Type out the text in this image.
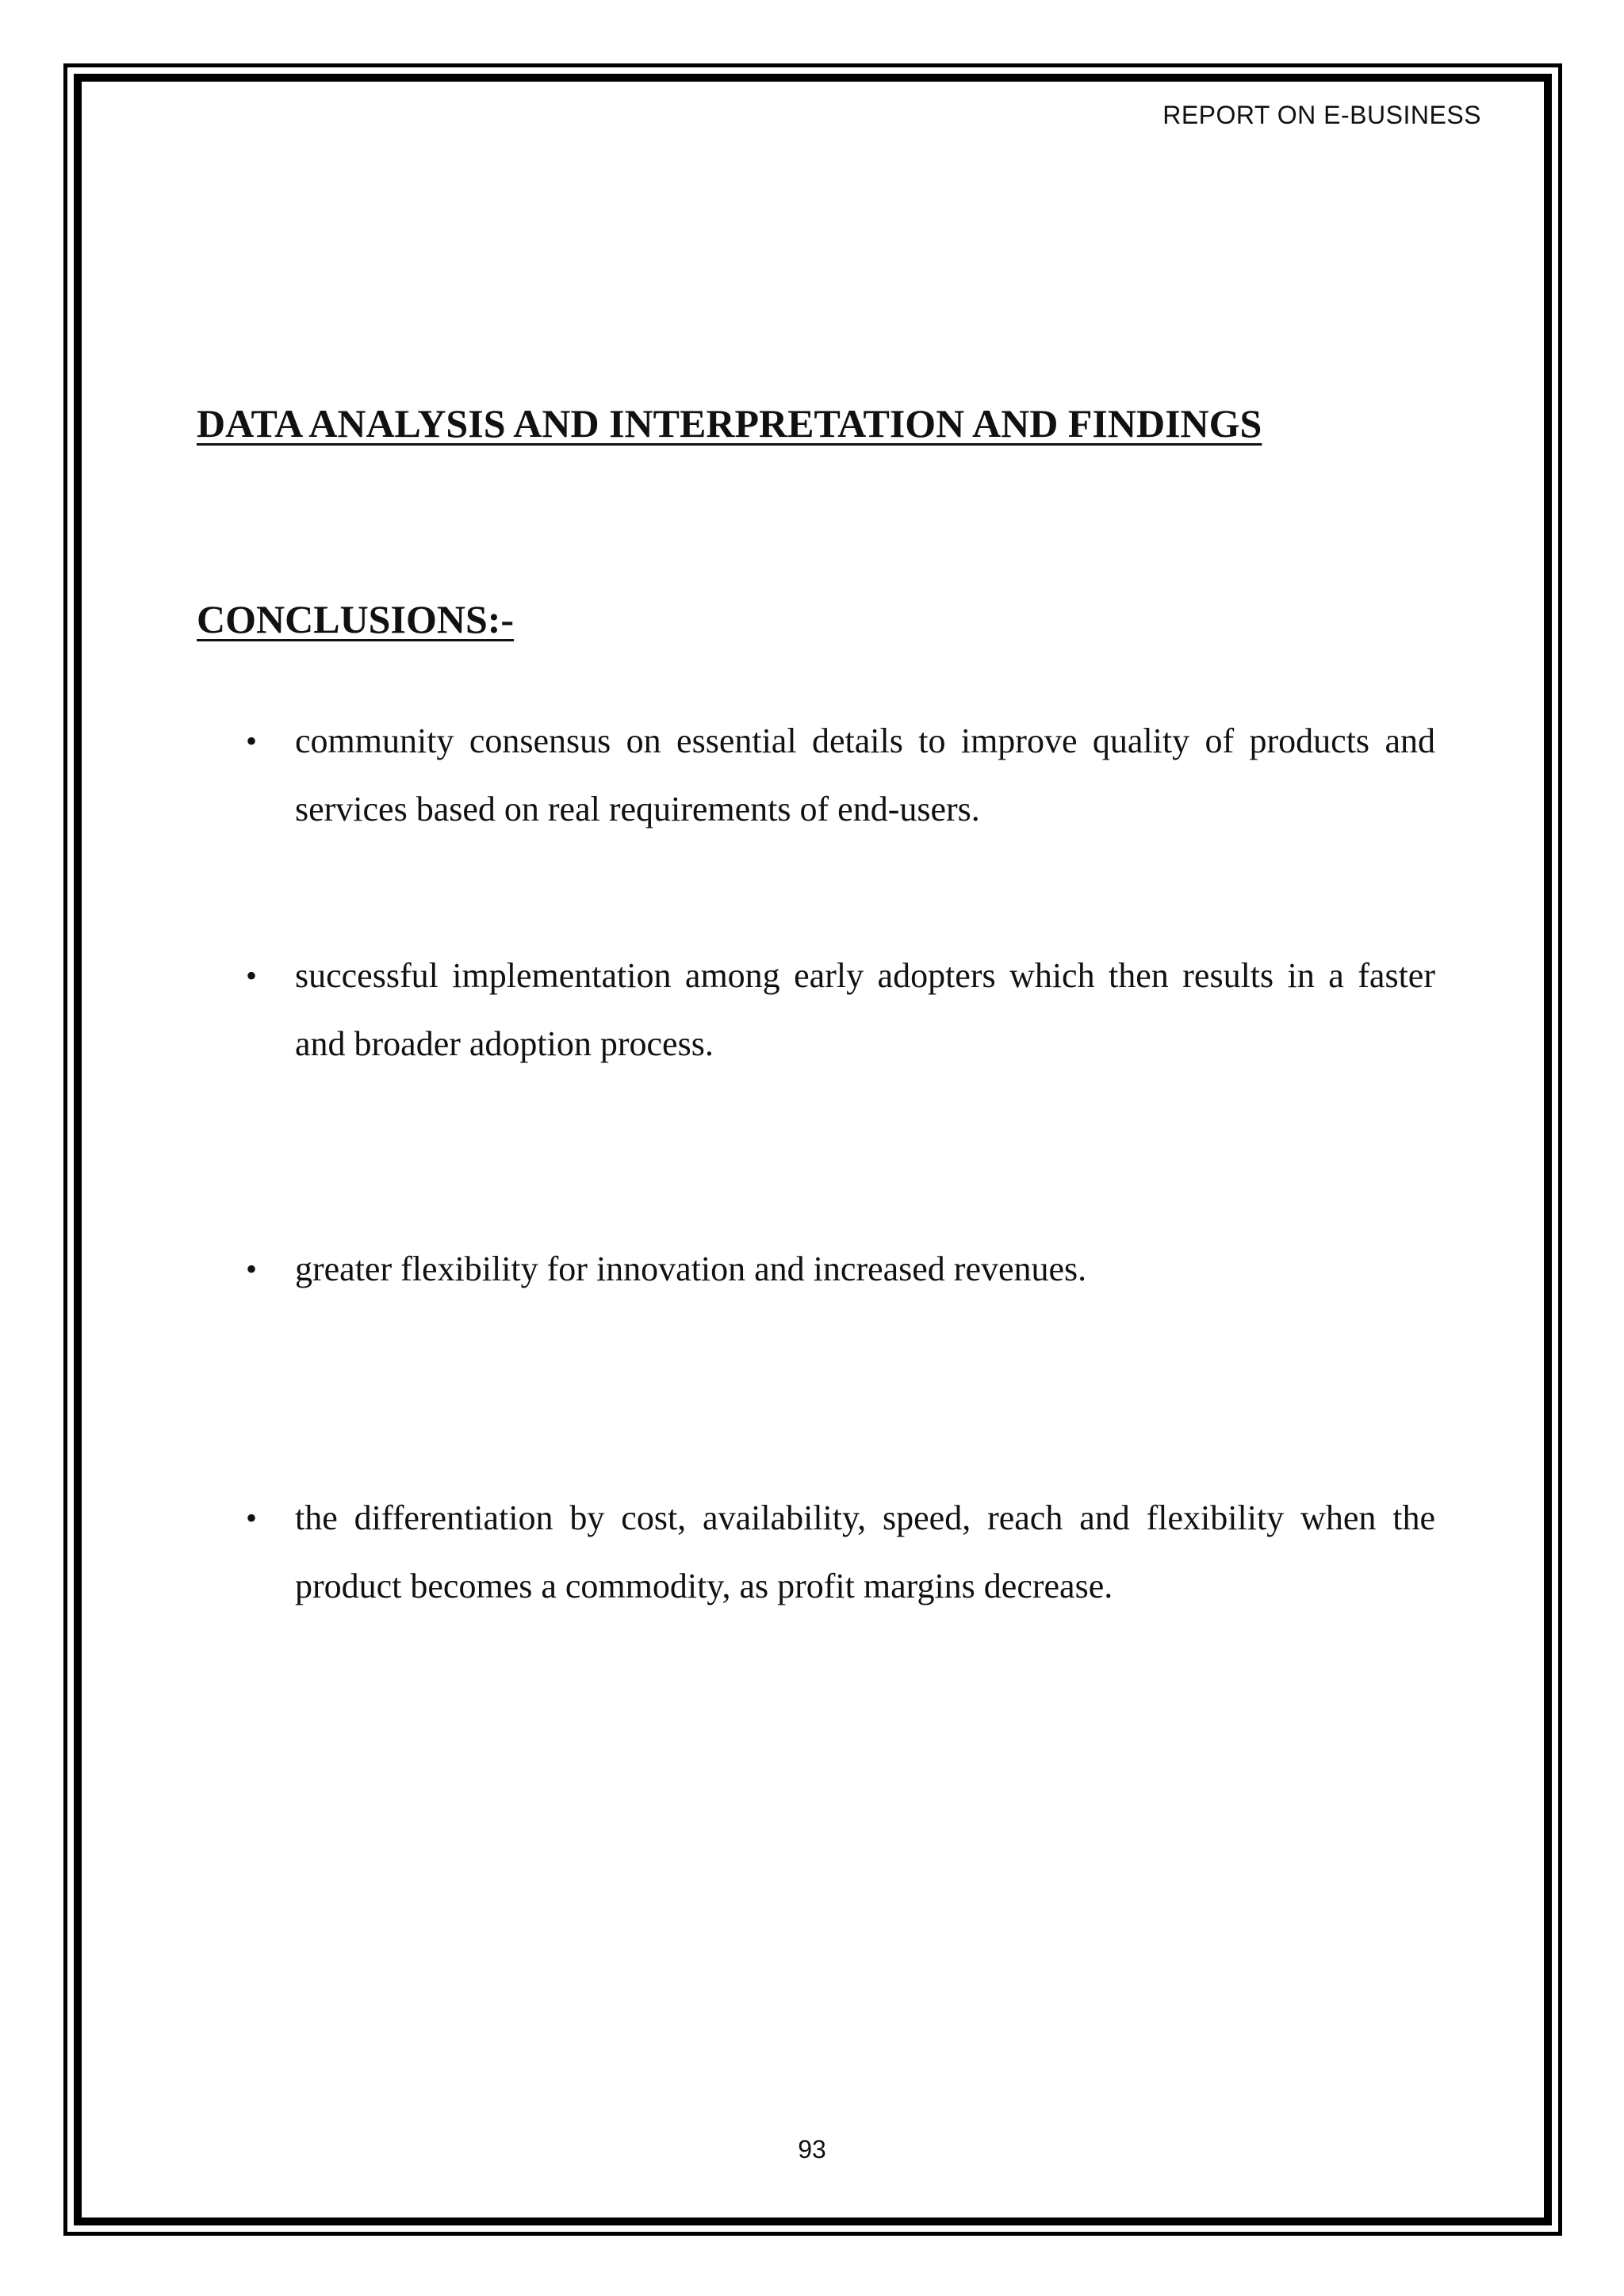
REPORT ON E-BUSINESS
DATA ANALYSIS AND INTERPRETATION AND FINDINGS
CONCLUSIONS:-
•	community consensus on essential details to improve quality of products and services based on real requirements of end-users.
•	successful implementation among early adopters which then results in a faster and broader adoption process.
•	greater flexibility for innovation and increased revenues.
•	the differentiation by cost, availability, speed, reach and flexibility when the product becomes a commodity, as profit margins decrease.
93
